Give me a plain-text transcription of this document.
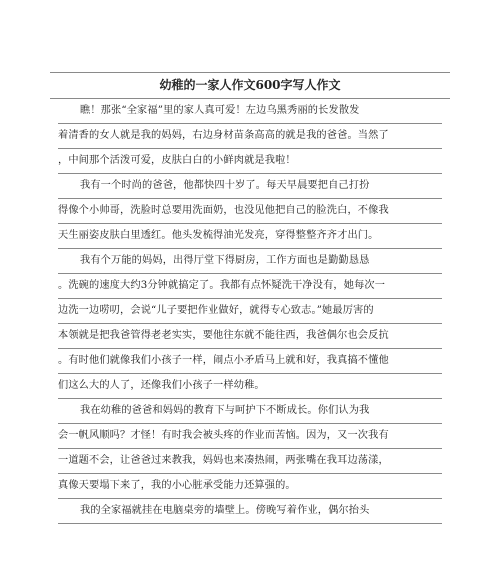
幼稚的一家人作文600字写人作文
瞧！那张“全家福”里的家人真可爱！左边乌黑秀丽的长发散发
着清香的女人就是我的妈妈，右边身材苗条高高的就是我的爸爸。当然了
，中间那个活泼可爱，皮肤白白的小鲜肉就是我啦！
我有一个时尚的爸爸，他都快四十岁了。每天早晨要把自己打扮
得像个小帅哥，洗脸时总要用洗面奶，也没见他把自己的脸洗白，不像我
天生丽姿皮肤白里透红。他头发梳得油光发亮，穿得整整齐齐才出门。
我有个万能的妈妈，出得厅堂下得厨房，工作方面也是勤勤恳恳
。洗碗的速度大约3分钟就搞定了。我都有点怀疑洗干净没有，她每次一
边洗一边唠叨，会说“儿子要把作业做好，就得专心致志。”她最厉害的
本领就是把我爸管得老老实实，要他往东就不能往西，我爸偶尔也会反抗
。有时他们就像我们小孩子一样，闹点小矛盾马上就和好，我真搞不懂他
们这么大的人了，还像我们小孩子一样幼稚。
我在幼稚的爸爸和妈妈的教育下与呵护下不断成长。你们认为我
会一帆风顺吗？才怪！有时我会被头疼的作业而苦恼。因为，又一次我有
一道题不会，让爸爸过来教我，妈妈也来凑热闹，两张嘴在我耳边荡漾，
真像天要塌下来了，我的小心脏承受能力还算强的。
我的全家福就挂在电脑桌旁的墙壁上。傍晚写着作业，偶尔抬头
